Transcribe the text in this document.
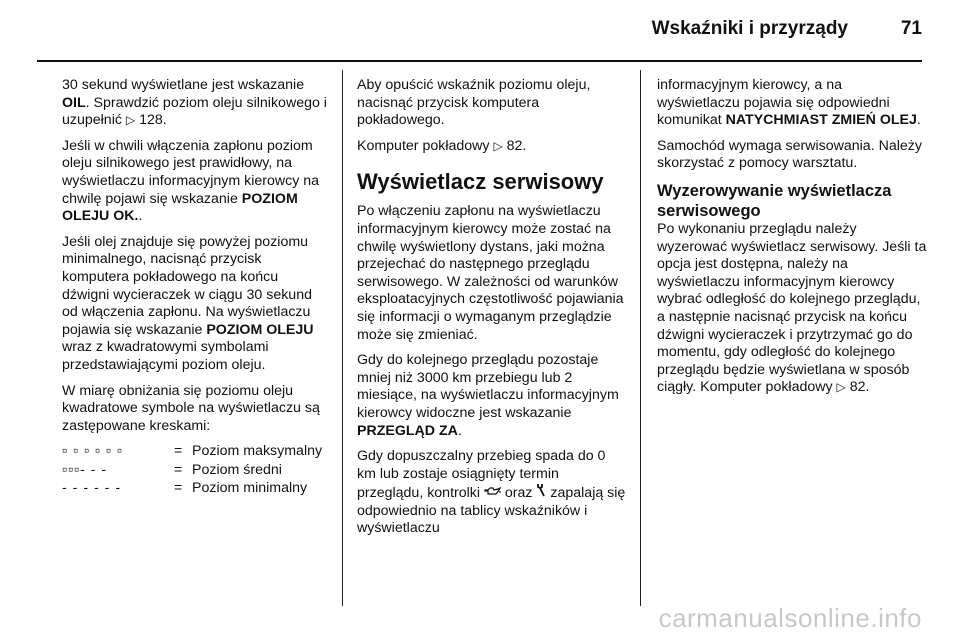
Wskaźniki i przyrządy	71

30 sekund wyświetlane jest wskazanie OIL. Sprawdzić poziom oleju silnikowego i uzupełnić ▷ 128.

Jeśli w chwili włączenia zapłonu poziom oleju silnikowego jest prawidłowy, na wyświetlaczu informacyjnym kierowcy na chwilę pojawi się wskazanie POZIOM OLEJU OK..

Jeśli olej znajduje się powyżej poziomu minimalnego, nacisnąć przycisk komputera pokładowego na końcu dźwigni wycieraczek w ciągu 30 sekund od włączenia zapłonu. Na wyświetlaczu pojawia się wskazanie POZIOM OLEJU wraz z kwadratowymi symbolami przedstawiającymi poziom oleju.

W miarę obniżania się poziomu oleju kwadratowe symbole na wyświetlaczu są zastępowane kreskami:

▫ ▫ ▫ ▫ ▫ ▫	=	Poziom maksymalny
▫▫▫- - -	=	Poziom średni
- - - - - -	=	Poziom minimalny

Aby opuścić wskaźnik poziomu oleju, nacisnąć przycisk komputera pokładowego.

Komputer pokładowy ▷ 82.

Wyświetlacz serwisowy

Po włączeniu zapłonu na wyświetlaczu informacyjnym kierowcy może zostać na chwilę wyświetlony dystans, jaki można przejechać do następnego przeglądu serwisowego. W zależności od warunków eksploatacyjnych częstotliwość pojawiania się informacji o wymaganym przeglądzie może się zmieniać.

Gdy do kolejnego przeglądu pozostaje mniej niż 3000 km przebiegu lub 2 miesiące, na wyświetlaczu informacyjnym kierowcy widoczne jest wskazanie PRZEGLĄD ZA.

Gdy dopuszczalny przebieg spada do 0 km lub zostaje osiągnięty termin przeglądu, kontrolki  oraz  zapalają się odpowiednio na tablicy wskaźników i wyświetlaczu

informacyjnym kierowcy, a na wyświetlaczu pojawia się odpowiedni komunikat NATYCHMIAST ZMIEŃ OLEJ.

Samochód wymaga serwisowania. Należy skorzystać z pomocy warsztatu.

Wyzerowywanie wyświetlacza serwisowego

Po wykonaniu przeglądu należy wyzerować wyświetlacz serwisowy. Jeśli ta opcja jest dostępna, należy na wyświetlaczu informacyjnym kierowcy wybrać odległość do kolejnego przeglądu, a następnie nacisnąć przycisk na końcu dźwigni wycieraczek i przytrzymać go do momentu, gdy odległość do kolejnego przeglądu będzie wyświetlana w sposób ciągły. Komputer pokładowy ▷ 82.

carmanualsonline.info
